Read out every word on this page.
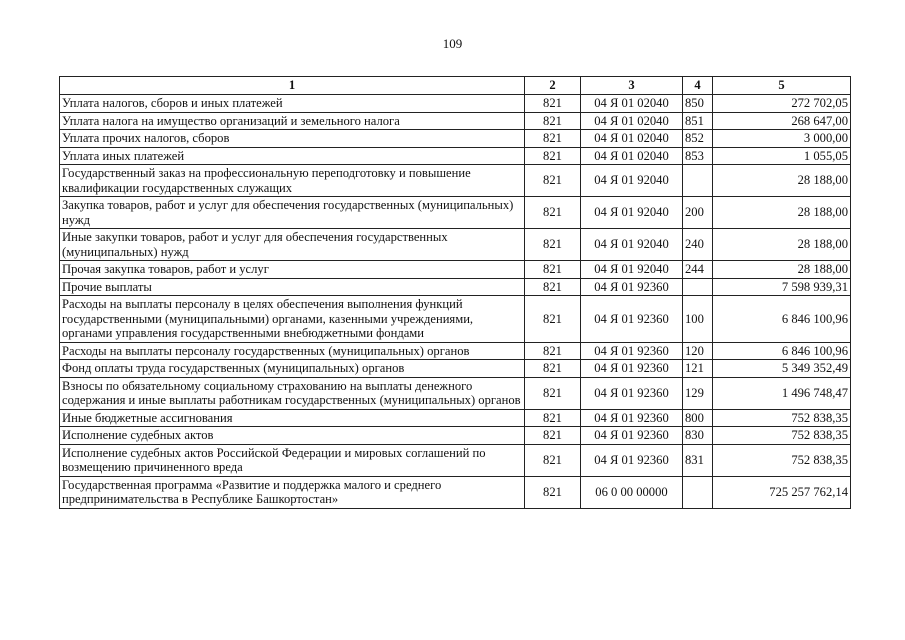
109
1	2	3	4	5
Уплата налогов, сборов и иных платежей	821	04 Я 01 02040	850	272 702,05
Уплата налога на имущество организаций и земельного налога	821	04 Я 01 02040	851	268 647,00
Уплата прочих налогов, сборов	821	04 Я 01 02040	852	3 000,00
Уплата иных платежей	821	04 Я 01 02040	853	1 055,05
Государственный заказ на профессиональную переподготовку и повышение квалификации государственных служащих	821	04 Я 01 92040		28 188,00
Закупка товаров, работ и услуг для обеспечения государственных (муниципальных) нужд	821	04 Я 01 92040	200	28 188,00
Иные закупки товаров, работ и услуг для обеспечения государственных (муниципальных) нужд	821	04 Я 01 92040	240	28 188,00
Прочая закупка товаров, работ и услуг	821	04 Я 01 92040	244	28 188,00
Прочие выплаты	821	04 Я 01 92360		7 598 939,31
Расходы на выплаты персоналу в целях обеспечения выполнения функций государственными (муниципальными) органами, казенными учреждениями, органами управления государственными внебюджетными фондами	821	04 Я 01 92360	100	6 846 100,96
Расходы на выплаты персоналу государственных (муниципальных) органов	821	04 Я 01 92360	120	6 846 100,96
Фонд оплаты труда государственных (муниципальных) органов	821	04 Я 01 92360	121	5 349 352,49
Взносы по обязательному социальному страхованию на выплаты денежного содержания и иные выплаты работникам государственных (муниципальных) органов	821	04 Я 01 92360	129	1 496 748,47
Иные бюджетные ассигнования	821	04 Я 01 92360	800	752 838,35
Исполнение судебных актов	821	04 Я 01 92360	830	752 838,35
Исполнение судебных актов Российской Федерации и мировых соглашений по возмещению причиненного вреда	821	04 Я 01 92360	831	752 838,35
Государственная программа «Развитие и поддержка малого и среднего предпринимательства в Республике Башкортостан»	821	06 0 00 00000		725 257 762,14
